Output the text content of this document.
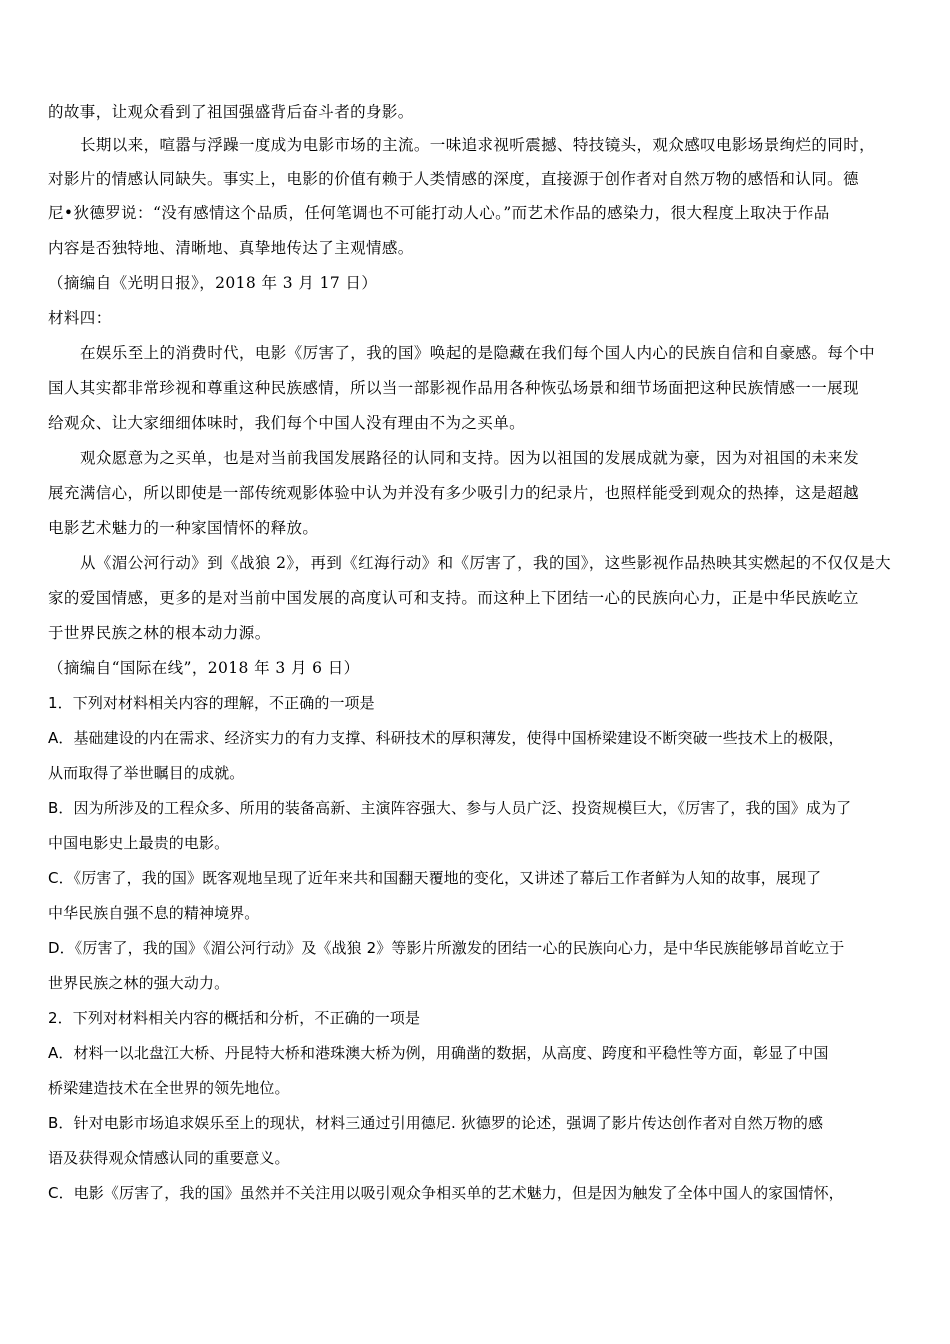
的故事，让观众看到了祖国强盛背后奋斗者的身影。
长期以来，喧嚣与浮躁一度成为电影市场的主流。一味追求视听震撼、特技镜头，观众感叹电影场景绚烂的同时，
对影片的情感认同缺失。事实上，电影的价值有赖于人类情感的深度，直接源于创作者对自然万物的感悟和认同。德
尼•狄德罗说：“没有感情这个品质，任何笔调也不可能打动人心。”而艺术作品的感染力，很大程度上取决于作品
内容是否独特地、清晰地、真挚地传达了主观情感。
（摘编自《光明日报》，2018 年 3 月 17 日）
材料四：
在娱乐至上的消费时代，电影《厉害了，我的国》唤起的是隐藏在我们每个国人内心的民族自信和自豪感。每个中
国人其实都非常珍视和尊重这种民族感情，所以当一部影视作品用各种恢弘场景和细节场面把这种民族情感一一展现
给观众、让大家细细体味时，我们每个中国人没有理由不为之买单。
观众愿意为之买单，也是对当前我国发展路径的认同和支持。因为以祖国的发展成就为豪，因为对祖国的未来发
展充满信心，所以即使是一部传统观影体验中认为并没有多少吸引力的纪录片，也照样能受到观众的热捧，这是超越
电影艺术魅力的一种家国情怀的释放。
从《湄公河行动》到《战狼 2》，再到《红海行动》和《厉害了，我的国》，这些影视作品热映其实燃起的不仅仅是大
家的爱国情感，更多的是对当前中国发展的高度认可和支持。而这种上下团结一心的民族向心力，正是中华民族屹立
于世界民族之林的根本动力源。
（摘编自“国际在线”，2018 年 3 月 6 日）
1．下列对材料相关内容的理解，不正确的一项是
A．基础建设的内在需求、经济实力的有力支撑、科研技术的厚积薄发，使得中国桥梁建设不断突破一些技术上的极限，
从而取得了举世瞩目的成就。
B．因为所涉及的工程众多、所用的装备高新、主演阵容强大、参与人员广泛、投资规模巨大，《厉害了，我的国》成为了
中国电影史上最贵的电影。
C．《厉害了，我的国》既客观地呈现了近年来共和国翻天覆地的变化，又讲述了幕后工作者鲜为人知的故事，展现了
中华民族自强不息的精神境界。
D．《厉害了，我的国》《湄公河行动》及《战狼 2》等影片所激发的团结一心的民族向心力，是中华民族能够昂首屹立于
世界民族之林的强大动力。
2．下列对材料相关内容的概括和分析，不正确的一项是
A．材料一以北盘江大桥、丹昆特大桥和港珠澳大桥为例，用确凿的数据，从高度、跨度和平稳性等方面，彰显了中国
桥梁建造技术在全世界的领先地位。
B．针对电影市场追求娱乐至上的现状，材料三通过引用德尼. 狄德罗的论述，强调了影片传达创作者对自然万物的感
语及获得观众情感认同的重要意义。
C．电影《厉害了，我的国》虽然并不关注用以吸引观众争相买单的艺术魅力，但是因为触发了全体中国人的家国情怀，
